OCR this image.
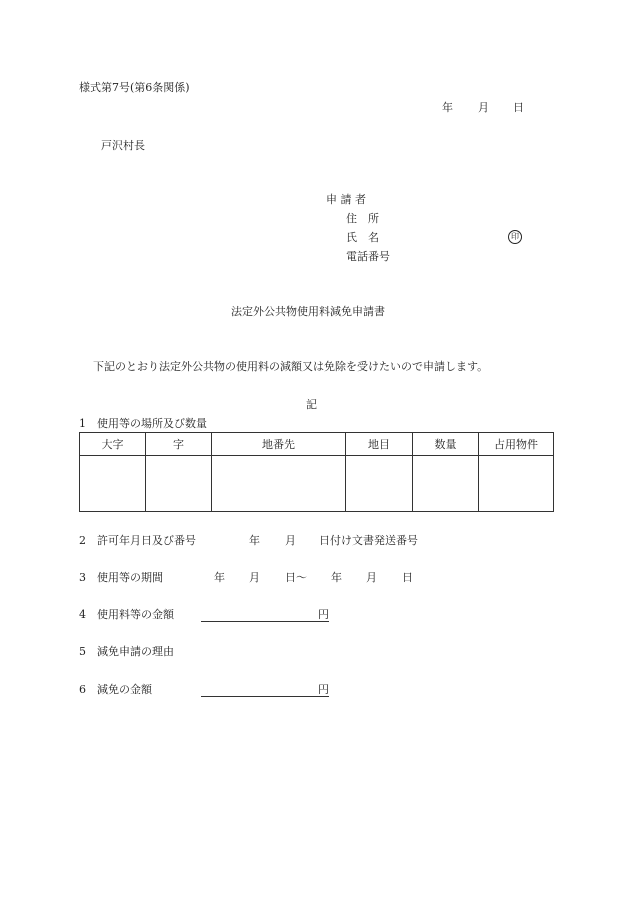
様式第7号(第6条関係)
年 月 日
戸沢村長
申 請 者
住　所
氏　名	印
電話番号
法定外公共物使用料減免申請書
下記のとおり法定外公共物の使用料の減額又は免除を受けたいので申請します。
記
1 使用等の場所及び数量
大字	字	地番先	地目	数量	占用物件

2 許可年月日及び番号	年 月 日付け文書発送番号
3 使用等の期間	年 月 日〜 年 月 日
4 使用料等の金額	円
5 減免申請の理由
6 減免の金額	円
